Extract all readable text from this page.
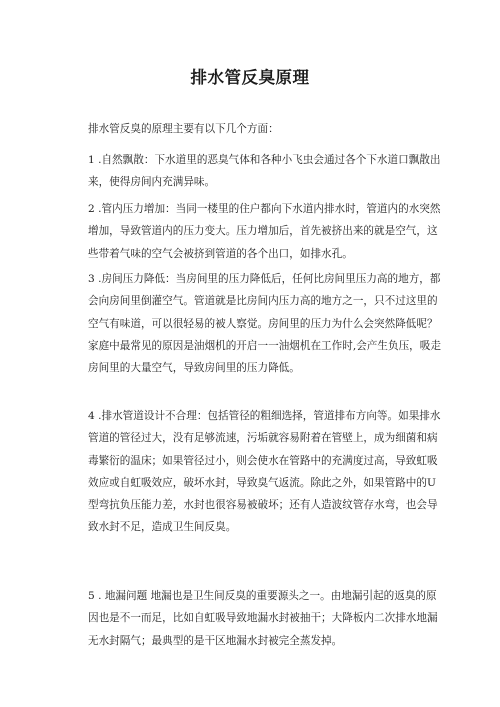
排水管反臭原理

排水管反臭的原理主要有以下几个方面：

1 .自然飘散：下水道里的恶臭气体和各种小飞虫会通过各个下水道口飘散出来，使得房间内充满异味。

2 .管内压力增加：当同一楼里的住户都向下水道内排水时，管道内的水突然增加，导致管道内的压力变大。压力增加后，首先被挤出来的就是空气，这些带着气味的空气会被挤到管道的各个出口，如排水孔。

3 .房间压力降低：当房间里的压力降低后，任何比房间里压力高的地方，都会向房间里倒灌空气。管道就是比房间内压力高的地方之一，只不过这里的空气有味道，可以很轻易的被人察觉。房间里的压力为什么会突然降低呢？家庭中最常见的原因是油烟机的开启一一油烟机在工作时,会产生负压，吸走房间里的大量空气，导致房间里的压力降低。

4 .排水管道设计不合理：包括管径的粗细选择，管道排布方向等。如果排水管道的管径过大，没有足够流速，污垢就容易附着在管壁上，成为细菌和病毒繁衍的温床；如果管径过小，则会使水在管路中的充满度过高，导致虹吸效应或自虹吸效应，破坏水封，导致臭气返流。除此之外，如果管路中的U型弯抗负压能力差，水封也很容易被破坏；还有人造波纹管存水弯，也会导致水封不足，造成卫生间反臭。

5 . 地漏问题 地漏也是卫生间反臭的重要源头之一。由地漏引起的返臭的原因也是不一而足，比如自虹吸导致地漏水封被抽干；大降板内二次排水地漏无水封隔气；最典型的是干区地漏水封被完全蒸发掉。
